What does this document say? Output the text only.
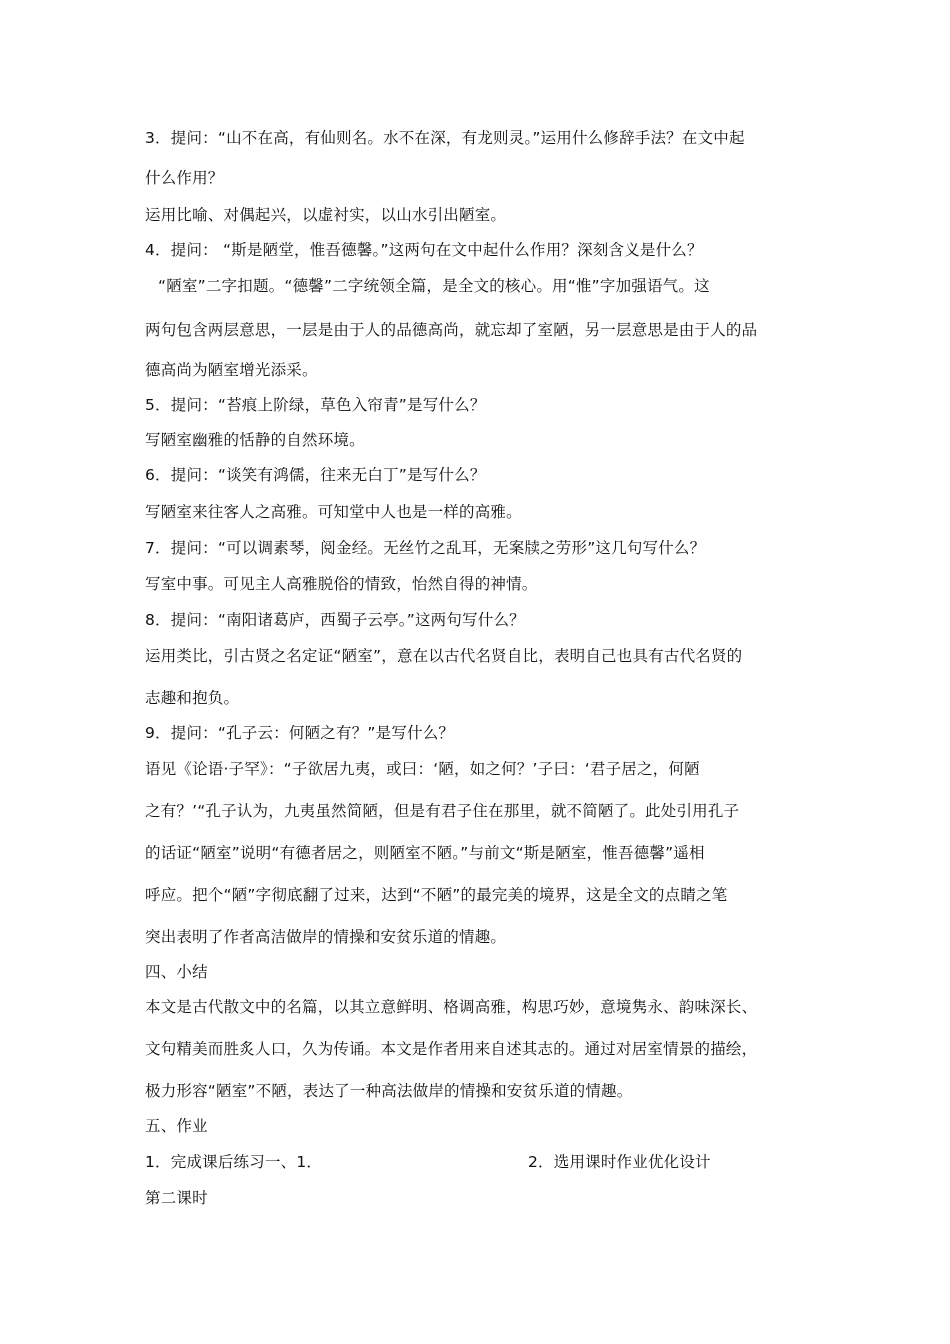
3．提问：“山不在高，有仙则名。水不在深，有龙则灵。”运用什么修辞手法？在文中起
什么作用？
运用比喻、对偶起兴，以虚衬实，以山水引出陋室。
4．提问： “斯是陋堂，惟吾德馨。”这两句在文中起什么作用？深刻含义是什么？
“陋室”二字扣题。“德馨”二字统领全篇，是全文的核心。用“惟”字加强语气。这
两句包含两层意思，一层是由于人的品德高尚，就忘却了室陋，另一层意思是由于人的品
德高尚为陋室增光添采。
5．提问：“苔痕上阶绿，草色入帘青”是写什么？
写陋室幽雅的恬静的自然环境。
6．提问：“谈笑有鸿儒，往来无白丁”是写什么？
写陋室来往客人之高雅。可知堂中人也是一样的高雅。
7．提问：“可以调素琴，阅金经。无丝竹之乱耳，无案牍之劳形”这几句写什么？
写室中事。可见主人高雅脱俗的情致，怡然自得的神情。
8．提问：“南阳诸葛庐，西蜀子云亭。”这两句写什么？
运用类比，引古贤之名定证“陋室”，意在以古代名贤自比，表明自己也具有古代名贤的
志趣和抱负。
9．提问：“孔子云：何陋之有？”是写什么？
语见《论语·子罕》：“子欲居九夷，或曰：‘陋，如之何？’子曰：‘君子居之，何陋
之有？’“孔子认为，九夷虽然简陋，但是有君子住在那里，就不简陋了。此处引用孔子
的话证“陋室”说明“有德者居之，则陋室不陋。”与前文“斯是陋室，惟吾德馨”遥相
呼应。把个“陋”字彻底翻了过来，达到“不陋”的最完美的境界，这是全文的点睛之笔
突出表明了作者高洁做岸的情操和安贫乐道的情趣。
四、小结
本文是古代散文中的名篇，以其立意鲜明、格调高雅，构思巧妙，意境隽永、韵味深长、
文句精美而胜炙人口，久为传诵。本文是作者用来自述其志的。通过对居室情景的描绘，
极力形容“陋室”不陋，表达了一种高法做岸的情操和安贫乐道的情趣。
五、作业
1．完成课后练习一、1．	2．选用课时作业优化设计
第二课时
